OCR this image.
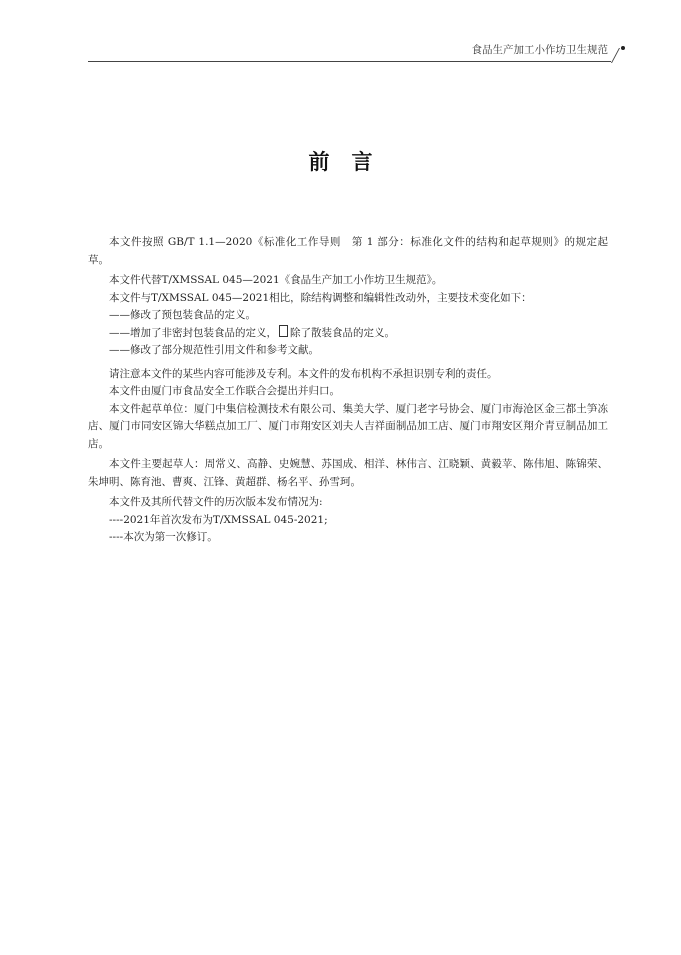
食品生产加工小作坊卫生规范
前言

本文件按照 GB/T 1.1—2020《标准化工作导则　第 1 部分：标准化文件的结构和起草规则》的规定起草。

本文件代替T/XMSSAL 045—2021《食品生产加工小作坊卫生规范》。

本文件与T/XMSSAL 045—2021相比，除结构调整和编辑性改动外，主要技术变化如下：

——修改了预包装食品的定义。

——增加了非密封包装食品的定义， 除了散装食品的定义。

——修改了部分规范性引用文件和参考文献。

请注意本文件的某些内容可能涉及专利。本文件的发布机构不承担识别专利的责任。

本文件由厦门市食品安全工作联合会提出并归口。

本文件起草单位：厦门中集信检测技术有限公司、集美大学、厦门老字号协会、厦门市海沧区金三都土笋冻店、厦门市同安区锦大华糕点加工厂、厦门市翔安区刘夫人吉祥面制品加工店、厦门市翔安区翔介青豆制品加工店。

本文件主要起草人：周常义、高静、史婉慧、苏国成、相洋、林伟言、江晓颖、黄毅苹、陈伟旭、陈锦荣、朱坤明、陈育池、曹爽、江锋、黄超群、杨名平、孙雪珂。

本文件及其所代替文件的历次版本发布情况为:

----2021年首次发布为T/XMSSAL 045-2021;

----本次为第一次修订。
